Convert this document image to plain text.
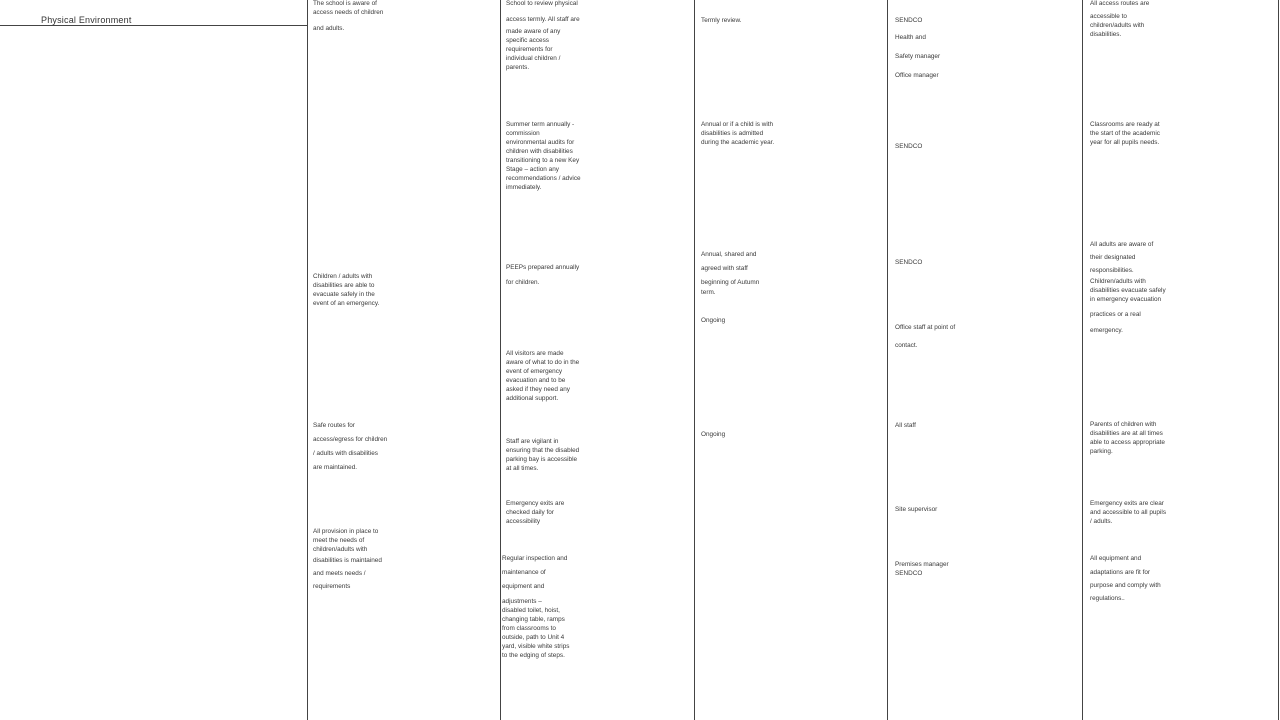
Physical Environment
The school is aware of
access needs of children
and adults.
Children / adults with
disabilities are able to
evacuate safely in the
event of an emergency.
Safe routes for
access/egress for children
/ adults with disabilities
are maintained.
All provision in place to
meet the needs of
children/adults with
disabilities is maintained
and meets needs /
requirements
School to review physical
access termly. All staff are
made aware of any
specific access
requirements for
individual children /
parents.
Summer term annually -
commission
environmental audits for
children with disabilities
transitioning to a new Key
Stage – action any
recommendations / advice
immediately.
PEEPs prepared annually
for children.
All visitors are made
aware of what to do in the
event of emergency
evacuation and to be
asked if they need any
additional support.
Staff are vigilant in
ensuring that the disabled
parking bay is accessible
at all times.
Emergency exits are
checked daily for
accessibility
Regular inspection and
maintenance of
equipment and
adjustments –
disabled toilet, hoist,
changing table, ramps
from classrooms to
outside, path to Unit 4
yard, visible white strips
to the edging of steps.
Termly review.
Annual or if a child is with
disabilities is admitted
during the academic year.
Annual, shared and
agreed with staff
beginning of Autumn
term.
Ongoing
Ongoing
SENDCO
Health and
Safety manager
Office manager
SENDCO
SENDCO
Office staff at point of
contact.
All staff
Site supervisor
Premises manager
SENDCO
All access routes are
accessible to
children/adults with
disabilities.
Classrooms are ready at
the start of the academic
year for all pupils needs.
All adults are aware of
their designated
responsibilities.
Children/adults with
disabilities evacuate safely
in emergency evacuation
practices or a real
emergency.
Parents of children with
disabilities are at all times
able to access appropriate
parking.
Emergency exits are clear
and accessible to all pupils
/ adults.
All equipment and
adaptations are fit for
purpose and comply with
regulations..
